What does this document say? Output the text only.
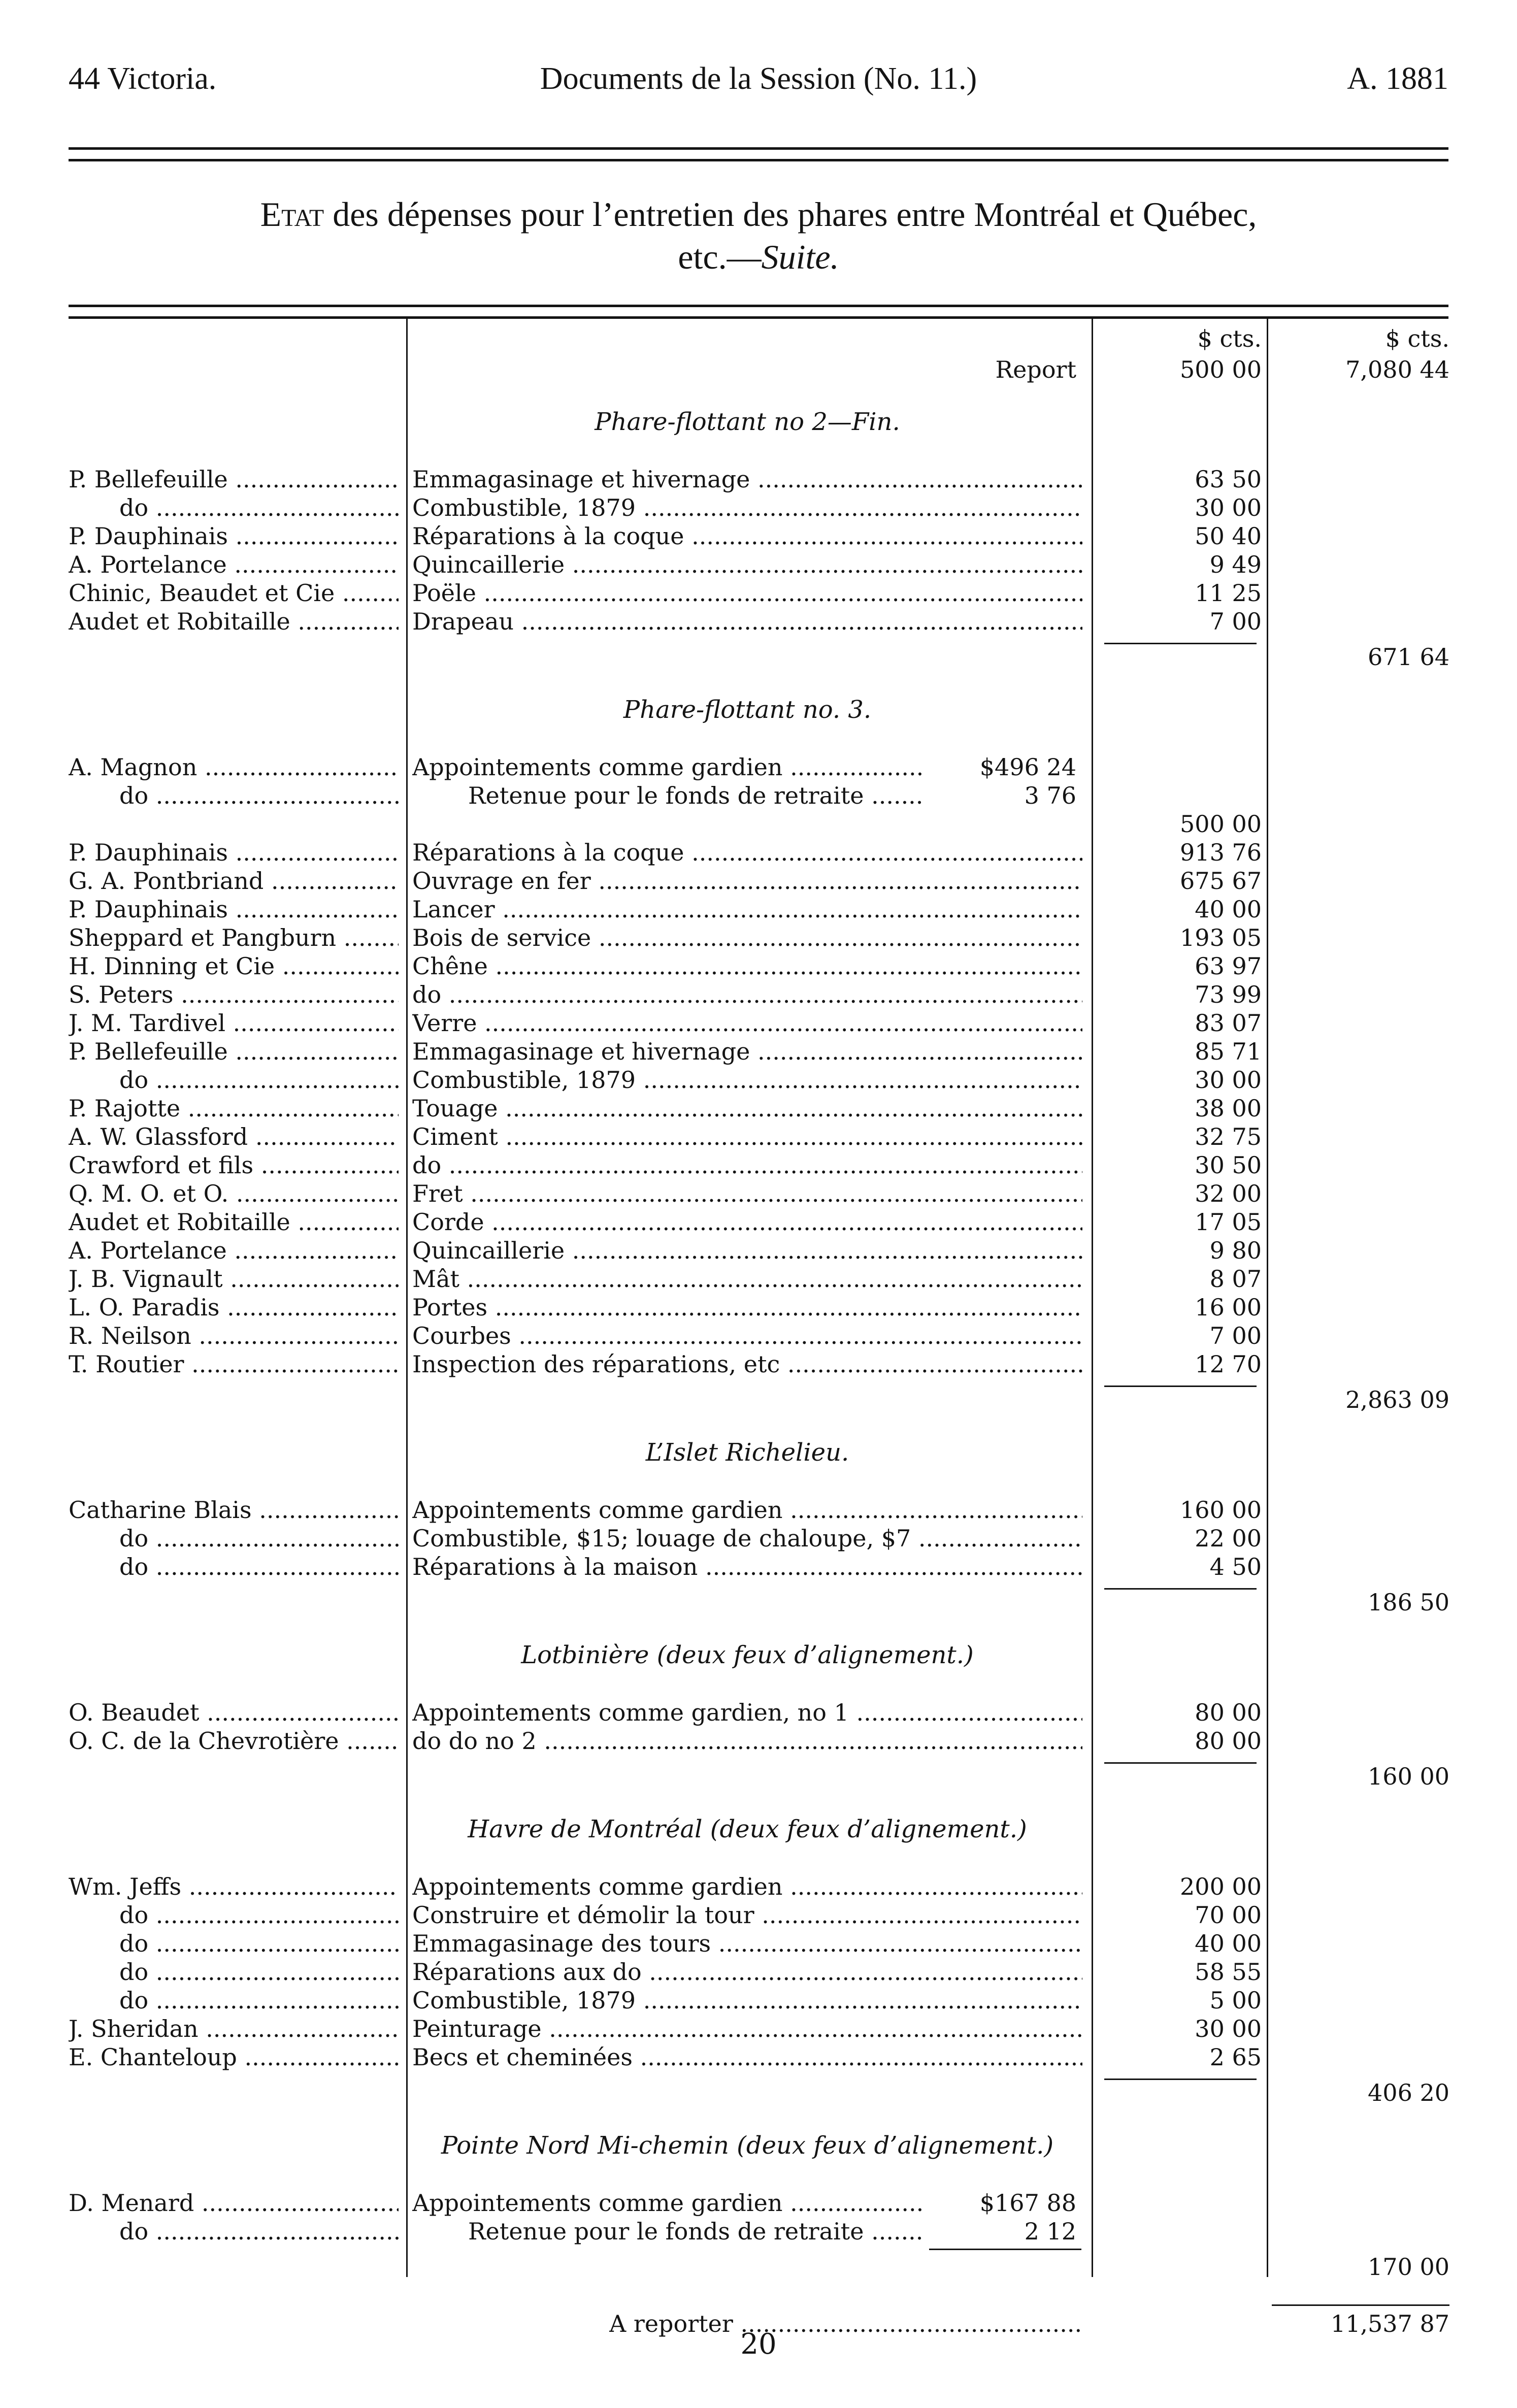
44 Victoria.	Documents de la Session (No. 11.)	A. 1881
Etat des dépenses pour l’entretien des phares entre Montréal et Québec,
etc.—Suite.
$ cts.	$ cts.
Report	500 00	7,080 44
Phare-flottant no 2—Fin.
P. Bellefeuille .....	Emmagasinage et hivernage .....	63 50
do .....	Combustible, 1879 .....	30 00
P. Dauphinais .....	Réparations à la coque .....	50 40
A. Portelance .....	Quincaillerie .....	9 49
Chinic, Beaudet et Cie .....	Poële .....	11 25
Audet et Robitaille .....	Drapeau .....	7 00
671 64
Phare-flottant no. 3.
A. Magnon .....	Appointements comme gardien .....	$496 24
do .....	Retenue pour le fonds de retraite .....	3 76
500 00
P. Dauphinais .....	Réparations à la coque .....	913 76
G. A. Pontbriand .....	Ouvrage en fer .....	675 67
P. Dauphinais .....	Lancer .....	40 00
Sheppard et Pangburn .....	Bois de service .....	193 05
H. Dinning et Cie .....	Chêne .....	63 97
S. Peters .....	do .....	73 99
J. M. Tardivel .....	Verre .....	83 07
P. Bellefeuille .....	Emmagasinage et hivernage .....	85 71
do .....	Combustible, 1879 .....	30 00
P. Rajotte .....	Touage .....	38 00
A. W. Glassford .....	Ciment .....	32 75
Crawford et fils .....	do .....	30 50
Q. M. O. et O. .....	Fret .....	32 00
Audet et Robitaille .....	Corde .....	17 05
A. Portelance .....	Quincaillerie .....	9 80
J. B. Vignault .....	Mât .....	8 07
L. O. Paradis .....	Portes .....	16 00
R. Neilson .....	Courbes .....	7 00
T. Routier .....	Inspection des réparations, etc .....	12 70
2,863 09
L’Islet Richelieu.
Catharine Blais .....	Appointements comme gardien .....	160 00
do .....	Combustible, $15; louage de chaloupe, $7 .....	22 00
do .....	Réparations à la maison .....	4 50
186 50
Lotbinière (deux feux d’alignement.)
O. Beaudet .....	Appointements comme gardien, no 1 .....	80 00
O. C. de la Chevrotière .....	do do no 2 .....	80 00
160 00
Havre de Montréal (deux feux d’alignement.)
Wm. Jeffs .....	Appointements comme gardien .....	200 00
do .....	Construire et démolir la tour .....	70 00
do .....	Emmagasinage des tours .....	40 00
do .....	Réparations aux do .....	58 55
do .....	Combustible, 1879 .....	5 00
J. Sheridan .....	Peinturage .....	30 00
E. Chanteloup .....	Becs et cheminées .....	2 65
406 20
Pointe Nord Mi-chemin (deux feux d’alignement.)
D. Menard .....	Appointements comme gardien .....	$167 88
do .....	Retenue pour le fonds de retraite .....	2 12
170 00
A reporter .....	11,537 87
20
